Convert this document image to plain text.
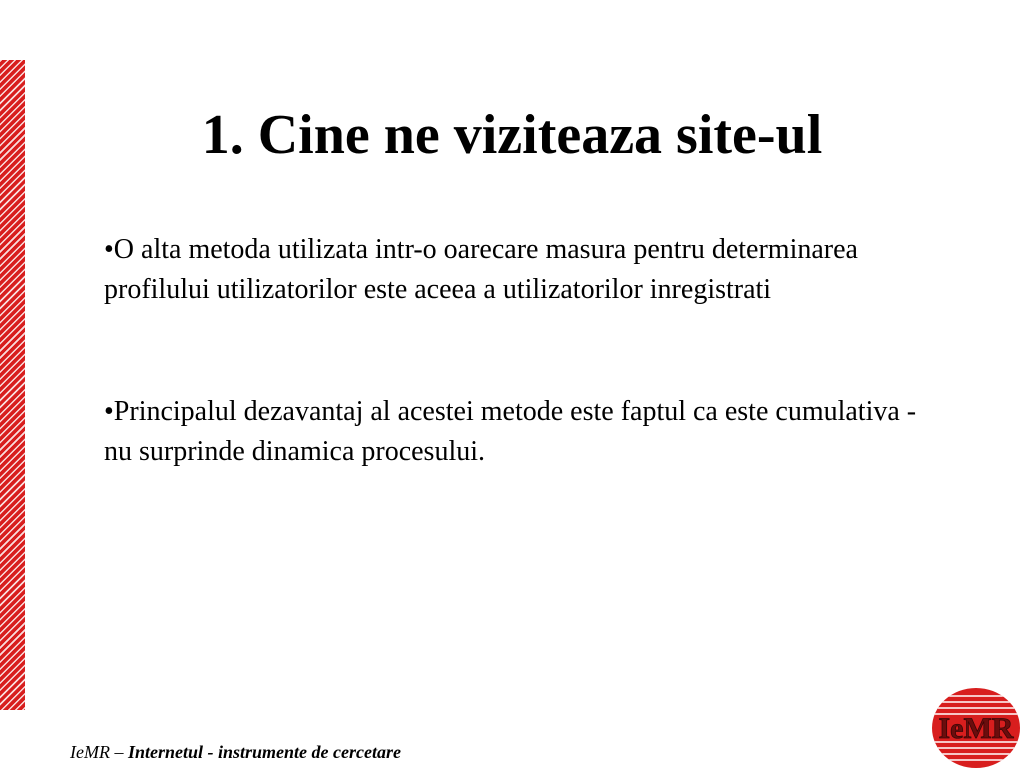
1. Cine ne viziteaza site-ul
•O alta metoda utilizata intr-o oarecare masura pentru determinarea profilului utilizatorilor este aceea a utilizatorilor inregistrati
•Principalul dezavantaj al acestei metode este faptul ca este cumulativa - nu surprinde dinamica procesului.
IeMR – Internetul - instrumente de cercetare
IeMR
